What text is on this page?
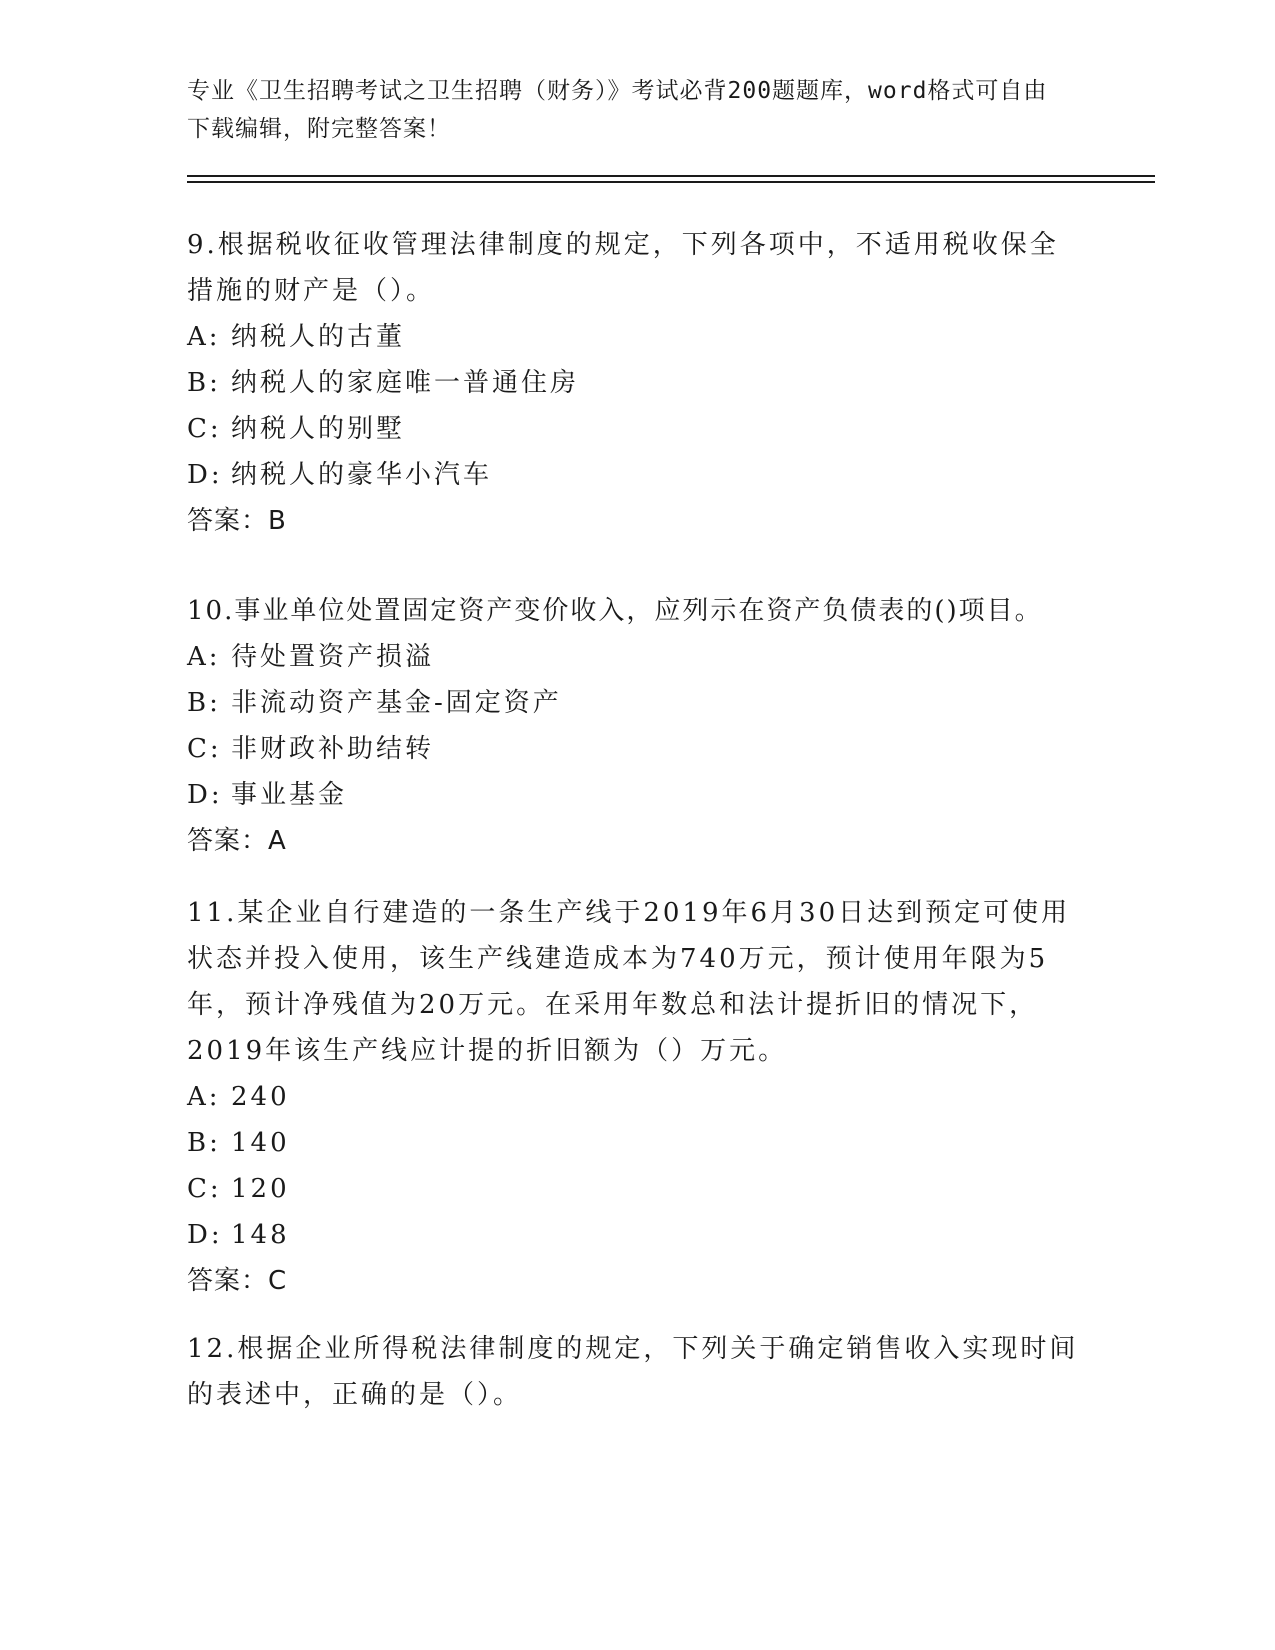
专业《卫生招聘考试之卫生招聘（财务）》考试必背200题题库，word格式可自由下载编辑，附完整答案！
9.根据税收征收管理法律制度的规定，下列各项中，不适用税收保全措施的财产是（）。
A: 纳税人的古董
B: 纳税人的家庭唯一普通住房
C: 纳税人的别墅
D: 纳税人的豪华小汽车
答案：B
10.事业单位处置固定资产变价收入，应列示在资产负债表的()项目。
A: 待处置资产损溢
B: 非流动资产基金-固定资产
C: 非财政补助结转
D: 事业基金
答案：A
11.某企业自行建造的一条生产线于2019年6月30日达到预定可使用状态并投入使用，该生产线建造成本为740万元，预计使用年限为5年，预计净残值为20万元。在采用年数总和法计提折旧的情况下，2019年该生产线应计提的折旧额为（）万元。
A: 240
B: 140
C: 120
D: 148
答案：C
12.根据企业所得税法律制度的规定，下列关于确定销售收入实现时间的表述中，正确的是（）。
